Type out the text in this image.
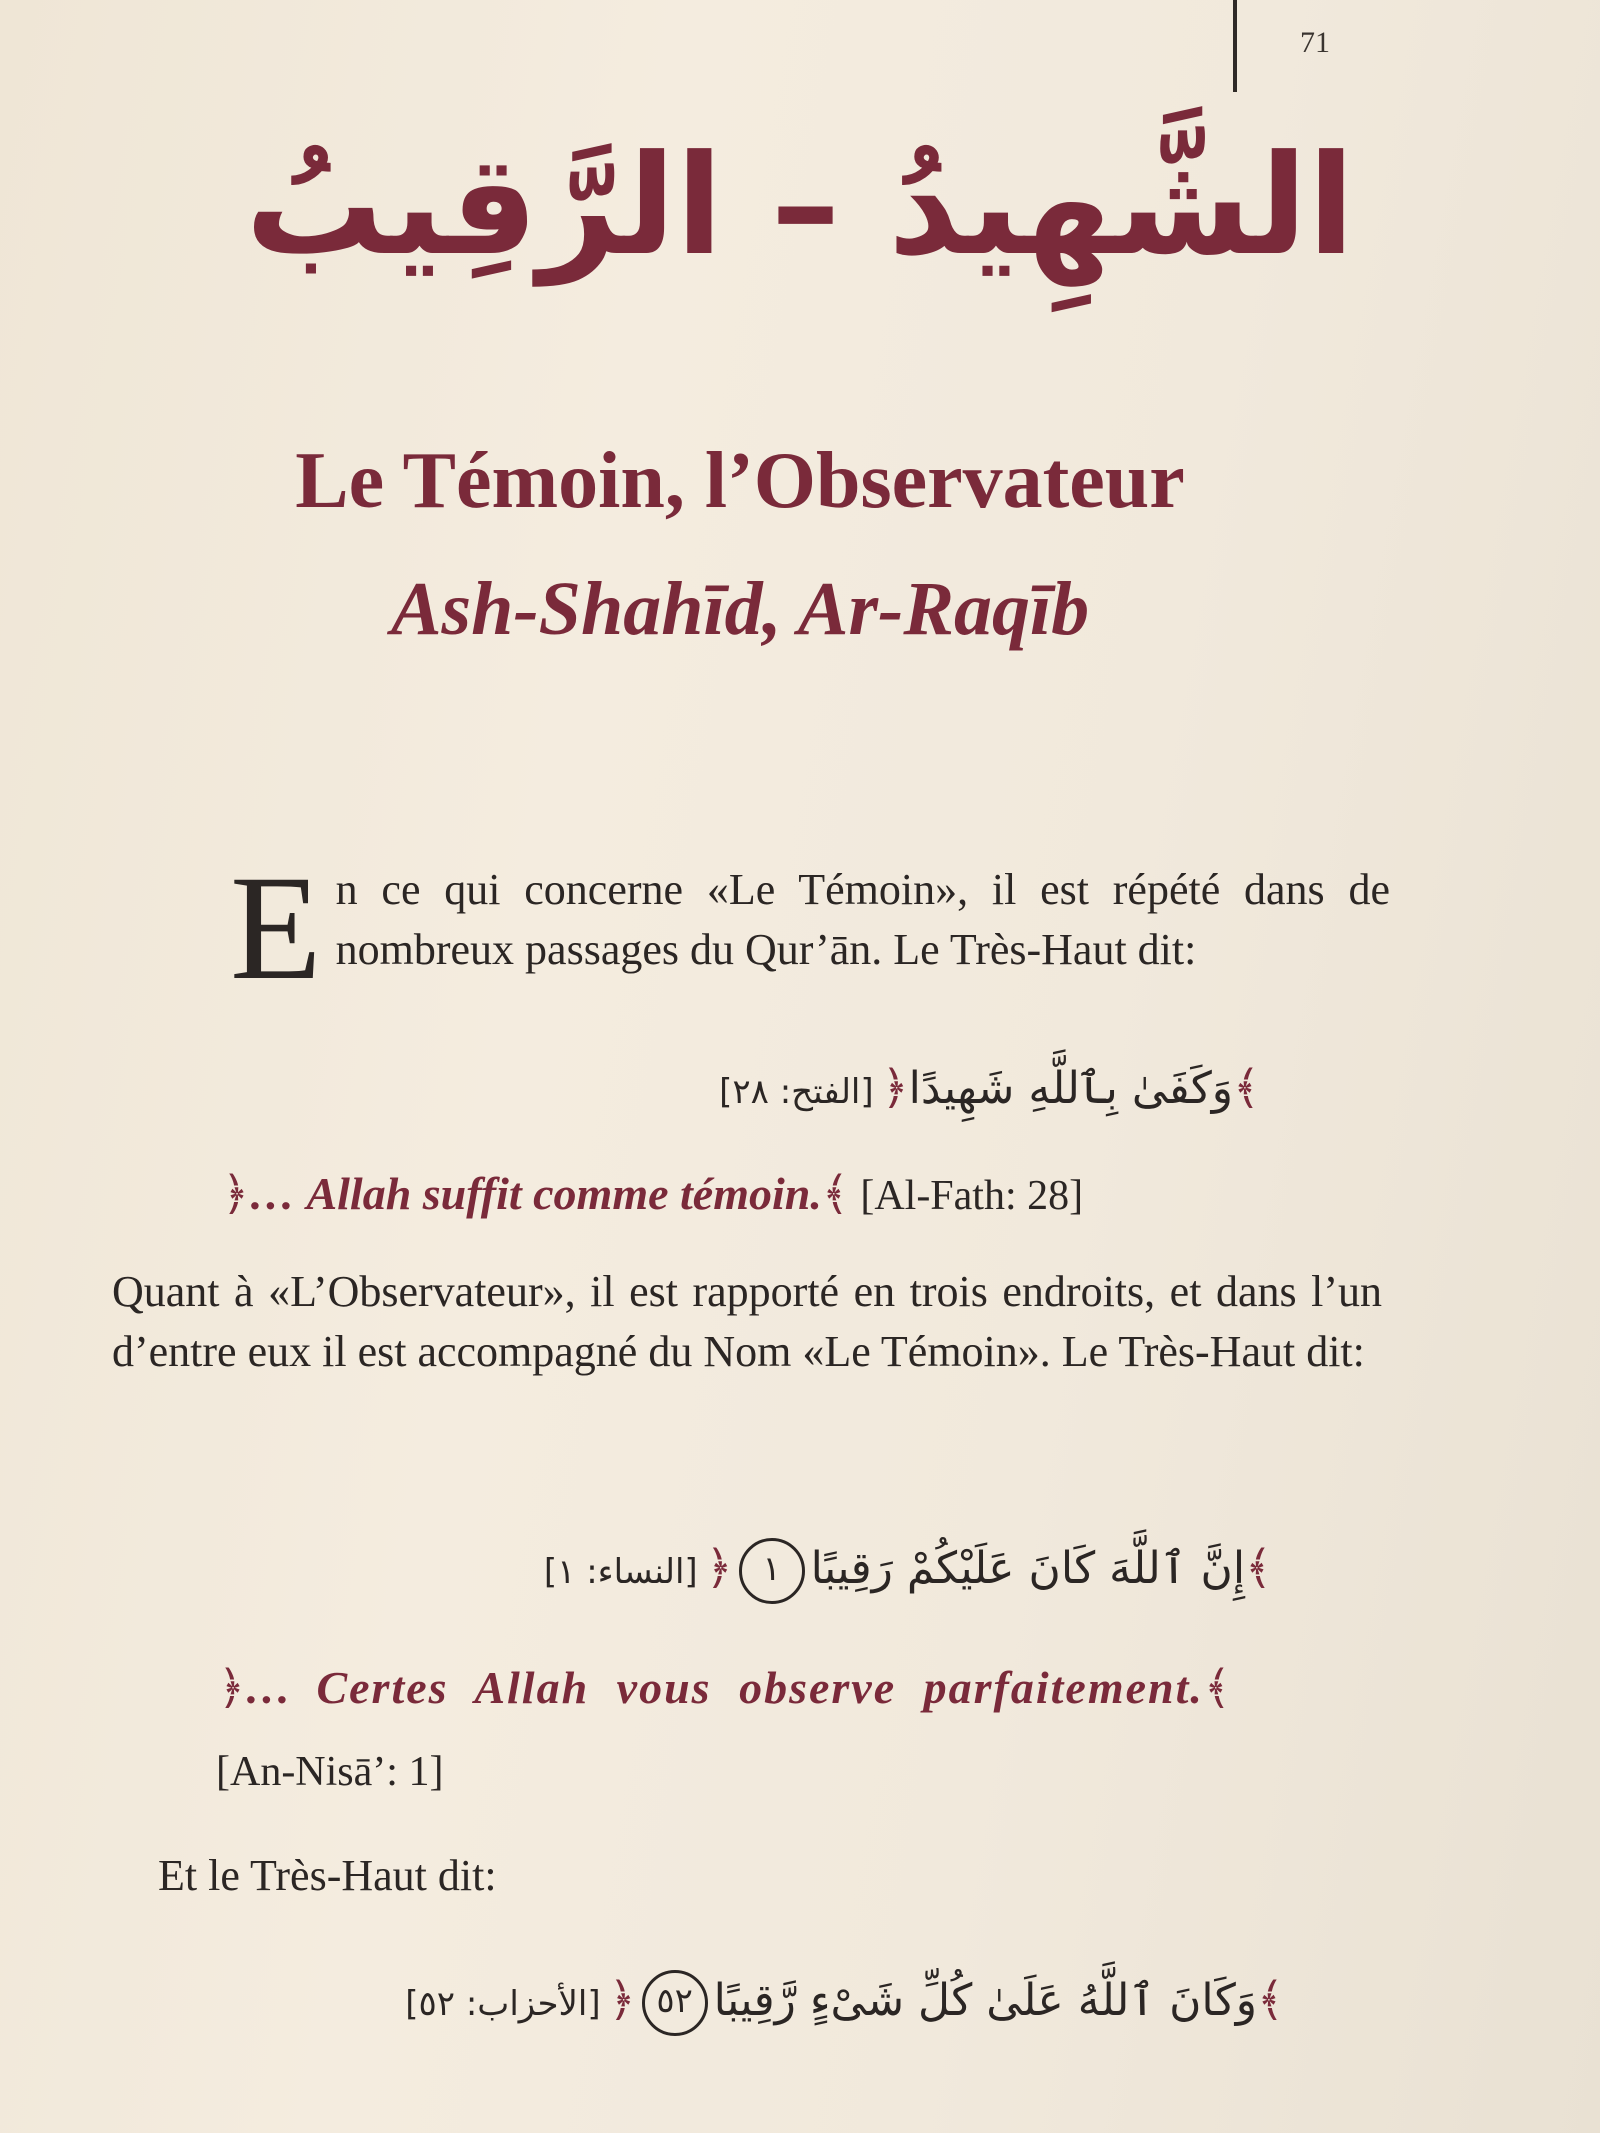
71
الشَّهِيدُ – الرَّقِيبُ
Le Témoin, l’Observateur
Ash-Shahīd, Ar-Raqīb
En ce qui concerne «Le Témoin», il est répété dans de nombreux passages du Qur’ān. Le Très-Haut dit:
﴾وَكَفَىٰ بِٱللَّهِ شَهِيدًا﴿[الفتح: ٢٨]
﴿… Allah suffit comme témoin.﴾ [Al-Fath: 28]
Quant à «L’Observateur», il est rapporté en trois endroits, et dans l’un d’entre eux il est accompagné du Nom «Le Témoin». Le Très-Haut dit:
﴾إِنَّ ٱللَّهَ كَانَ عَلَيْكُمْ رَقِيبًا١﴿[النساء: ١]
﴿… Certes Allah vous observe parfaitement.﴾
[An-Nisā’: 1]
Et le Très-Haut dit:
﴾وَكَانَ ٱللَّهُ عَلَىٰ كُلِّ شَىْءٍ رَّقِيبًا٥٢﴿[الأحزاب: ٥٢]
